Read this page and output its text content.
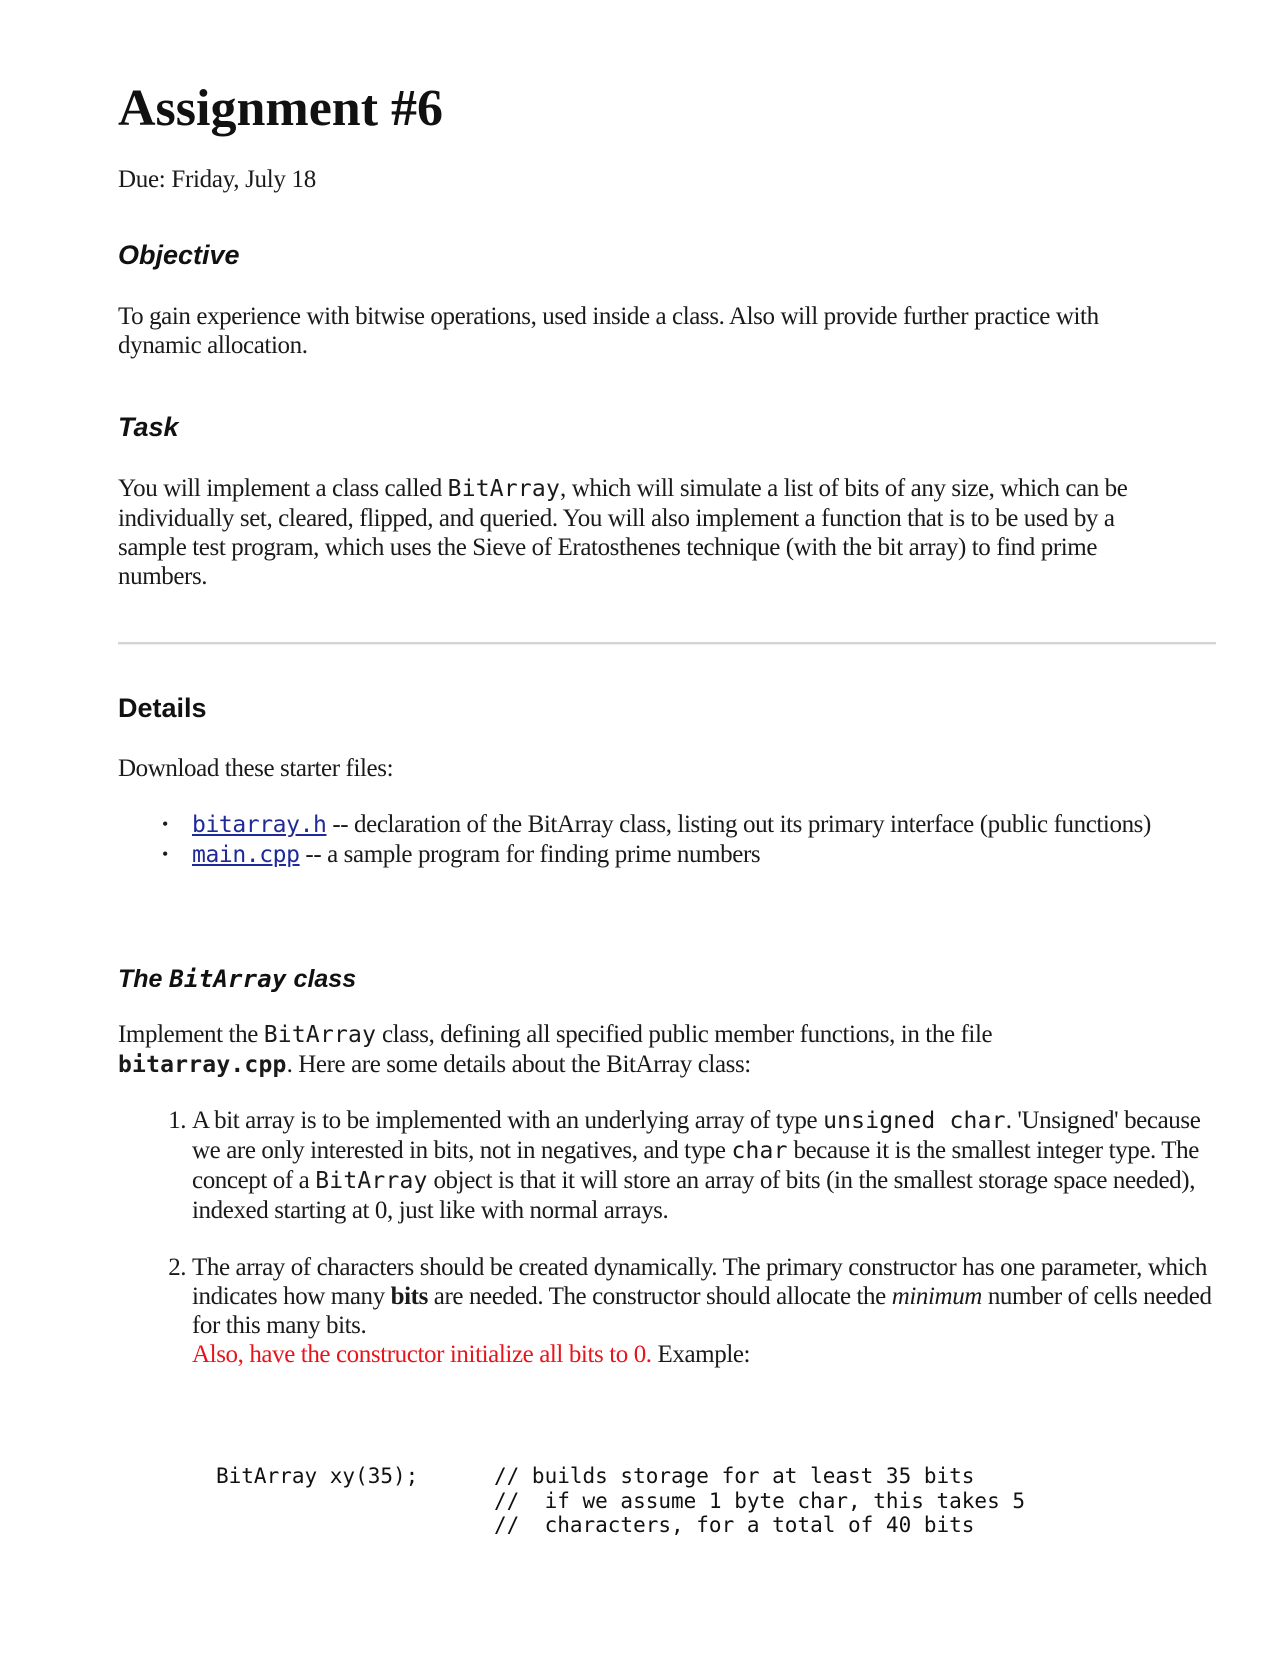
Assignment #6
Due: Friday, July 18
Objective

To gain experience with bitwise operations, used inside a class. Also will provide further practice with dynamic allocation.

Task

You will implement a class called BitArray, which will simulate a list of bits of any size, which can be individually set, cleared, flipped, and queried. You will also implement a function that is to be used by a sample test program, which uses the Sieve of Eratosthenes technique (with the bit array) to find prime numbers.

Details

Download these starter files:

• bitarray.h -- declaration of the BitArray class, listing out its primary interface (public functions)
• main.cpp -- a sample program for finding prime numbers
The BitArray class

Implement the BitArray class, defining all specified public member functions, in the file
bitarray.cpp. Here are some details about the BitArray class:

1. A bit array is to be implemented with an underlying array of type unsigned char. 'Unsigned' because we are only interested in bits, not in negatives, and type char because it is the smallest integer type. The concept of a BitArray object is that it will store an array of bits (in the smallest storage space needed), indexed starting at 0, just like with normal arrays.
2. The array of characters should be created dynamically. The primary constructor has one parameter, which indicates how many bits are needed. The constructor should allocate the minimum number of cells needed for this many bits.
Also, have the constructor initialize all bits to 0. Example:
BitArray xy(35);	// builds storage for at least 35 bits
//  if we assume 1 byte char, this takes 5
//  characters, for a total of 40 bits
